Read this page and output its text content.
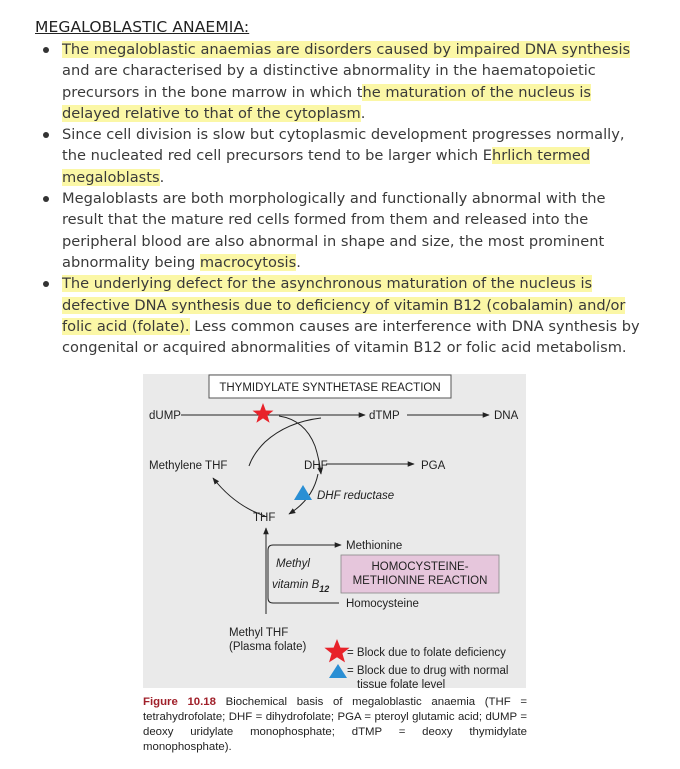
MEGALOBLASTIC ANAEMIA:
The megaloblastic anaemias are disorders caused by impaired DNA synthesis and are characterised by a distinctive abnormality in the haematopoietic precursors in the bone marrow in which the maturation of the nucleus is delayed relative to that of the cytoplasm.
Since cell division is slow but cytoplasmic development progresses normally, the nucleated red cell precursors tend to be larger which Ehrlich termed megaloblasts.
Megaloblasts are both morphologically and functionally abnormal with the result that the mature red cells formed from them and released into the peripheral blood are also abnormal in shape and size, the most prominent abnormality being macrocytosis.
The underlying defect for the asynchronous maturation of the nucleus is defective DNA synthesis due to deficiency of vitamin B12 (cobalamin) and/or folic acid (folate). Less common causes are interference with DNA synthesis by congenital or acquired abnormalities of vitamin B12 or folic acid metabolism.
THYMIDYLATE SYNTHETASE REACTION
dUMP	dTMP	DNA
Methylene THF	DHF	PGA
DHF reductase
THF
Methionine
Methyl
vitamin $B_{12}$
Homocysteine
HOMOCYSTEINE-
METHIONINE REACTION
Methyl THF
(Plasma folate)	= Block due to folate deficiency
= Block due to drug with normal
tissue folate level
Figure 10.18 Biochemical basis of megaloblastic anaemia (THF = tetrahydrofolate; DHF = dihydrofolate; PGA = pteroyl glutamic acid; dUMP = deoxy uridylate monophosphate; dTMP = deoxy thymidylate monophosphate).
